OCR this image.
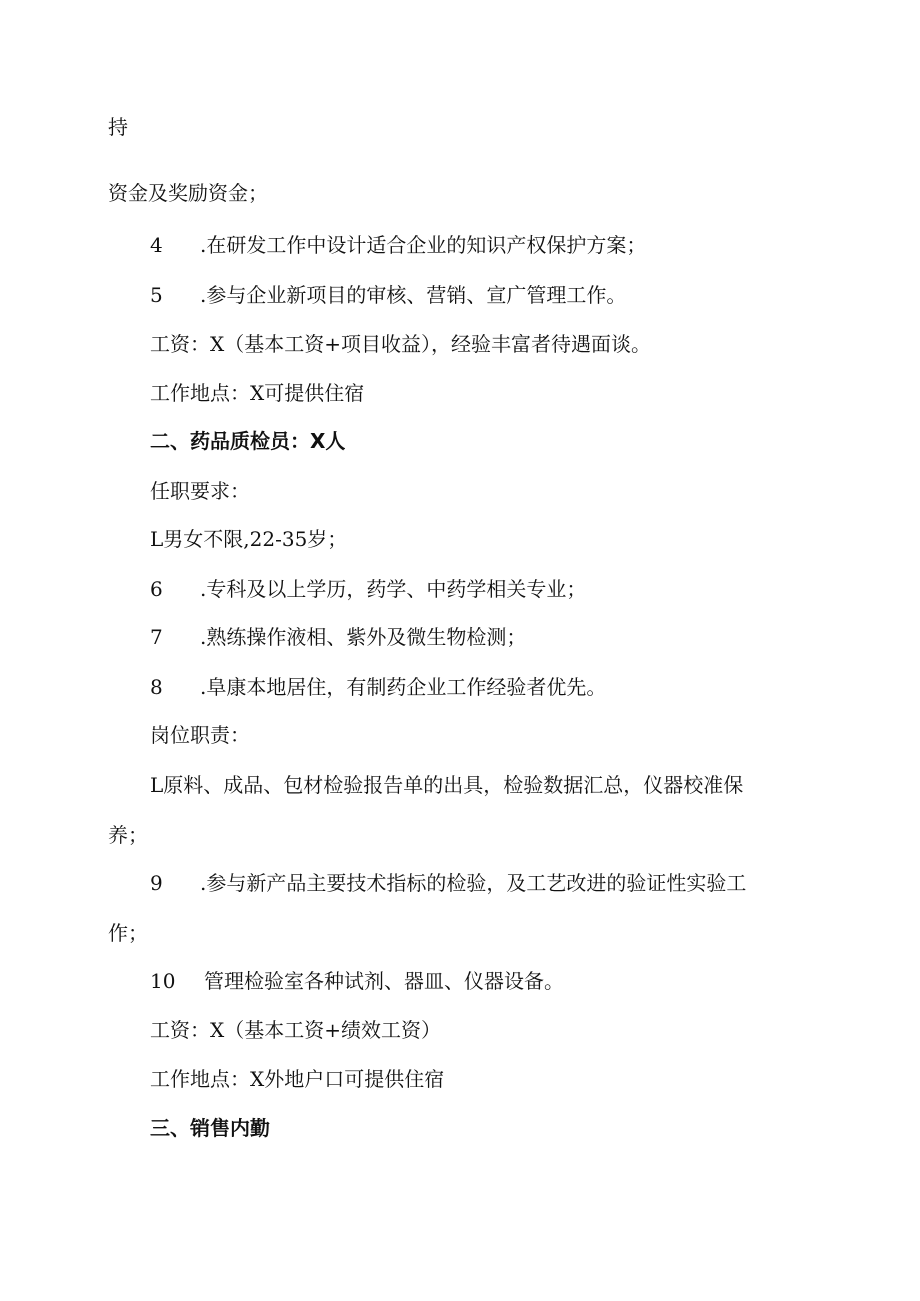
持
资金及奖励资金；
4 .在研发工作中设计适合企业的知识产权保护方案；
5 .参与企业新项目的审核、营销、宣广管理工作。
工资：X（基本工资+项目收益），经验丰富者待遇面谈。
工作地点：X可提供住宿
二、药品质检员：X人
任职要求：
L男女不限,22-35岁；
6 .专科及以上学历，药学、中药学相关专业；
7 .熟练操作液相、紫外及微生物检测；
8 .阜康本地居住，有制药企业工作经验者优先。
岗位职责：
L原料、成品、包材检验报告单的出具，检验数据汇总，仪器校准保
养；
9 .参与新产品主要技术指标的检验，及工艺改进的验证性实验工
作；
10 管理检验室各种试剂、器皿、仪器设备。
工资：X（基本工资+绩效工资）
工作地点：X外地户口可提供住宿
三、销售内勤
